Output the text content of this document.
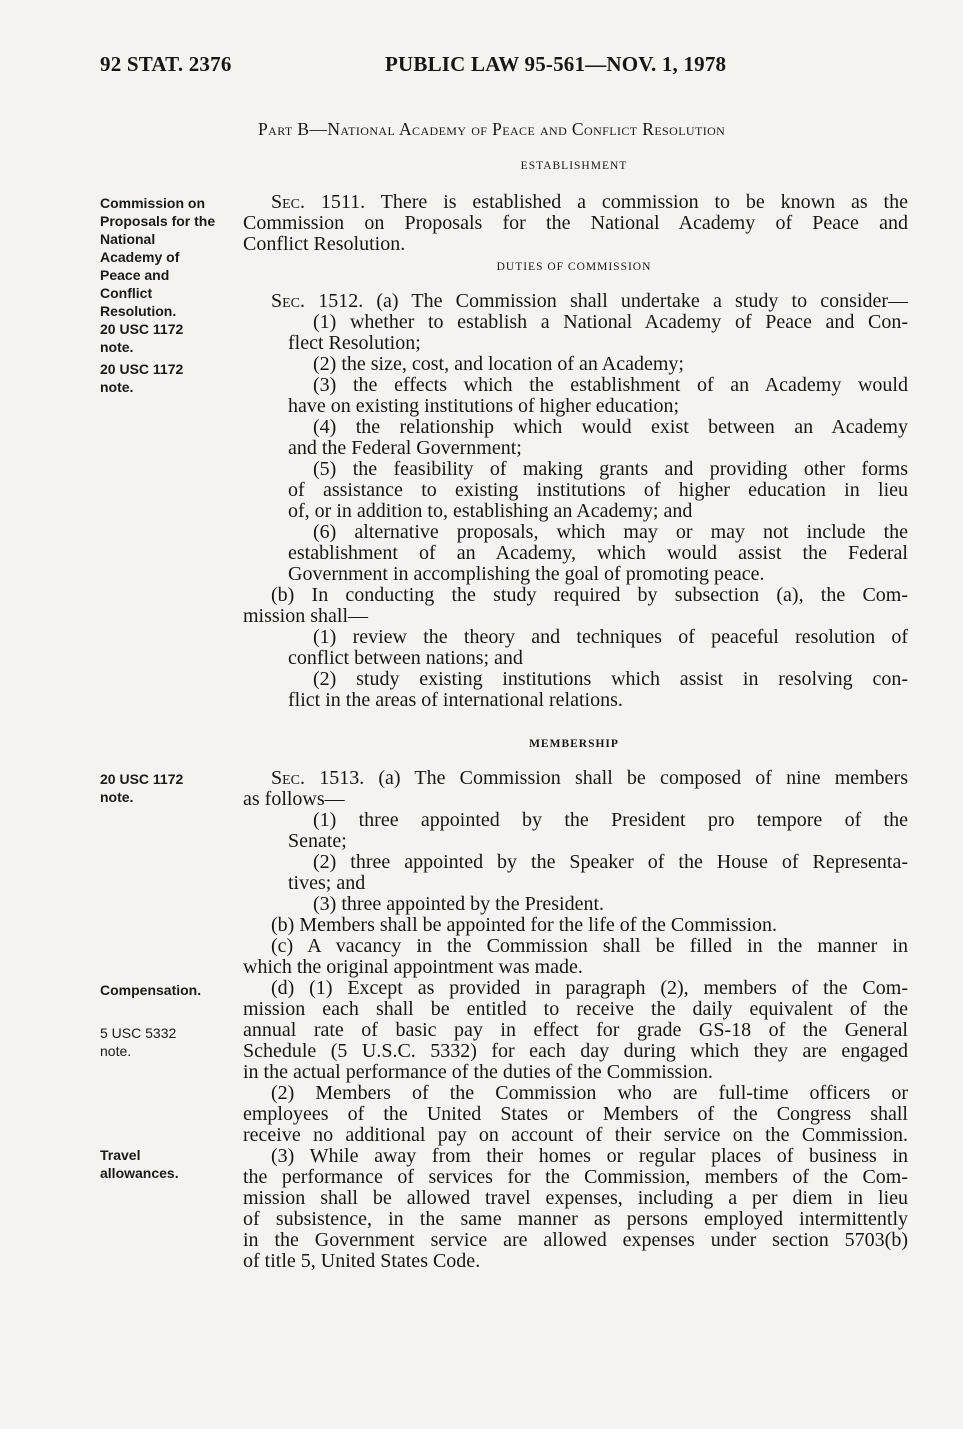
92 STAT. 2376	PUBLIC LAW 95-561—NOV. 1, 1978
Part B—National Academy of Peace and Conflict Resolution
ESTABLISHMENT
DUTIES OF COMMISSION
MEMBERSHIP
Commission on
Proposals for the
National
Academy of
Peace and
Conflict
Resolution.
20 USC 1172
note.
20 USC 1172
note.
20 USC 1172
note.
Compensation.
5 USC 5332
note.
Travel
allowances.
Sec. 1511. There is established a commission to be known as the
Commission on Proposals for the National Academy of Peace and
Conflict Resolution.
Sec. 1512. (a) The Commission shall undertake a study to consider—
(1) whether to establish a National Academy of Peace and Con-
flect Resolution;
(2) the size, cost, and location of an Academy;
(3) the effects which the establishment of an Academy would
have on existing institutions of higher education;
(4) the relationship which would exist between an Academy
and the Federal Government;
(5) the feasibility of making grants and providing other forms
of assistance to existing institutions of higher education in lieu
of, or in addition to, establishing an Academy; and
(6) alternative proposals, which may or may not include the
establishment of an Academy, which would assist the Federal
Government in accomplishing the goal of promoting peace.
(b) In conducting the study required by subsection (a), the Com-
mission shall—
(1) review the theory and techniques of peaceful resolution of
conflict between nations; and
(2) study existing institutions which assist in resolving con-
flict in the areas of international relations.
Sec. 1513. (a) The Commission shall be composed of nine members
as follows—
(1) three appointed by the President pro tempore of the
Senate;
(2) three appointed by the Speaker of the House of Representa-
tives; and
(3) three appointed by the President.
(b) Members shall be appointed for the life of the Commission.
(c) A vacancy in the Commission shall be filled in the manner in
which the original appointment was made.
(d) (1) Except as provided in paragraph (2), members of the Com-
mission each shall be entitled to receive the daily equivalent of the
annual rate of basic pay in effect for grade GS-18 of the General
Schedule (5 U.S.C. 5332) for each day during which they are engaged
in the actual performance of the duties of the Commission.
(2) Members of the Commission who are full-time officers or
employees of the United States or Members of the Congress shall
receive no additional pay on account of their service on the Commission.
(3) While away from their homes or regular places of business in
the performance of services for the Commission, members of the Com-
mission shall be allowed travel expenses, including a per diem in lieu
of subsistence, in the same manner as persons employed intermittently
in the Government service are allowed expenses under section 5703(b)
of title 5, United States Code.
